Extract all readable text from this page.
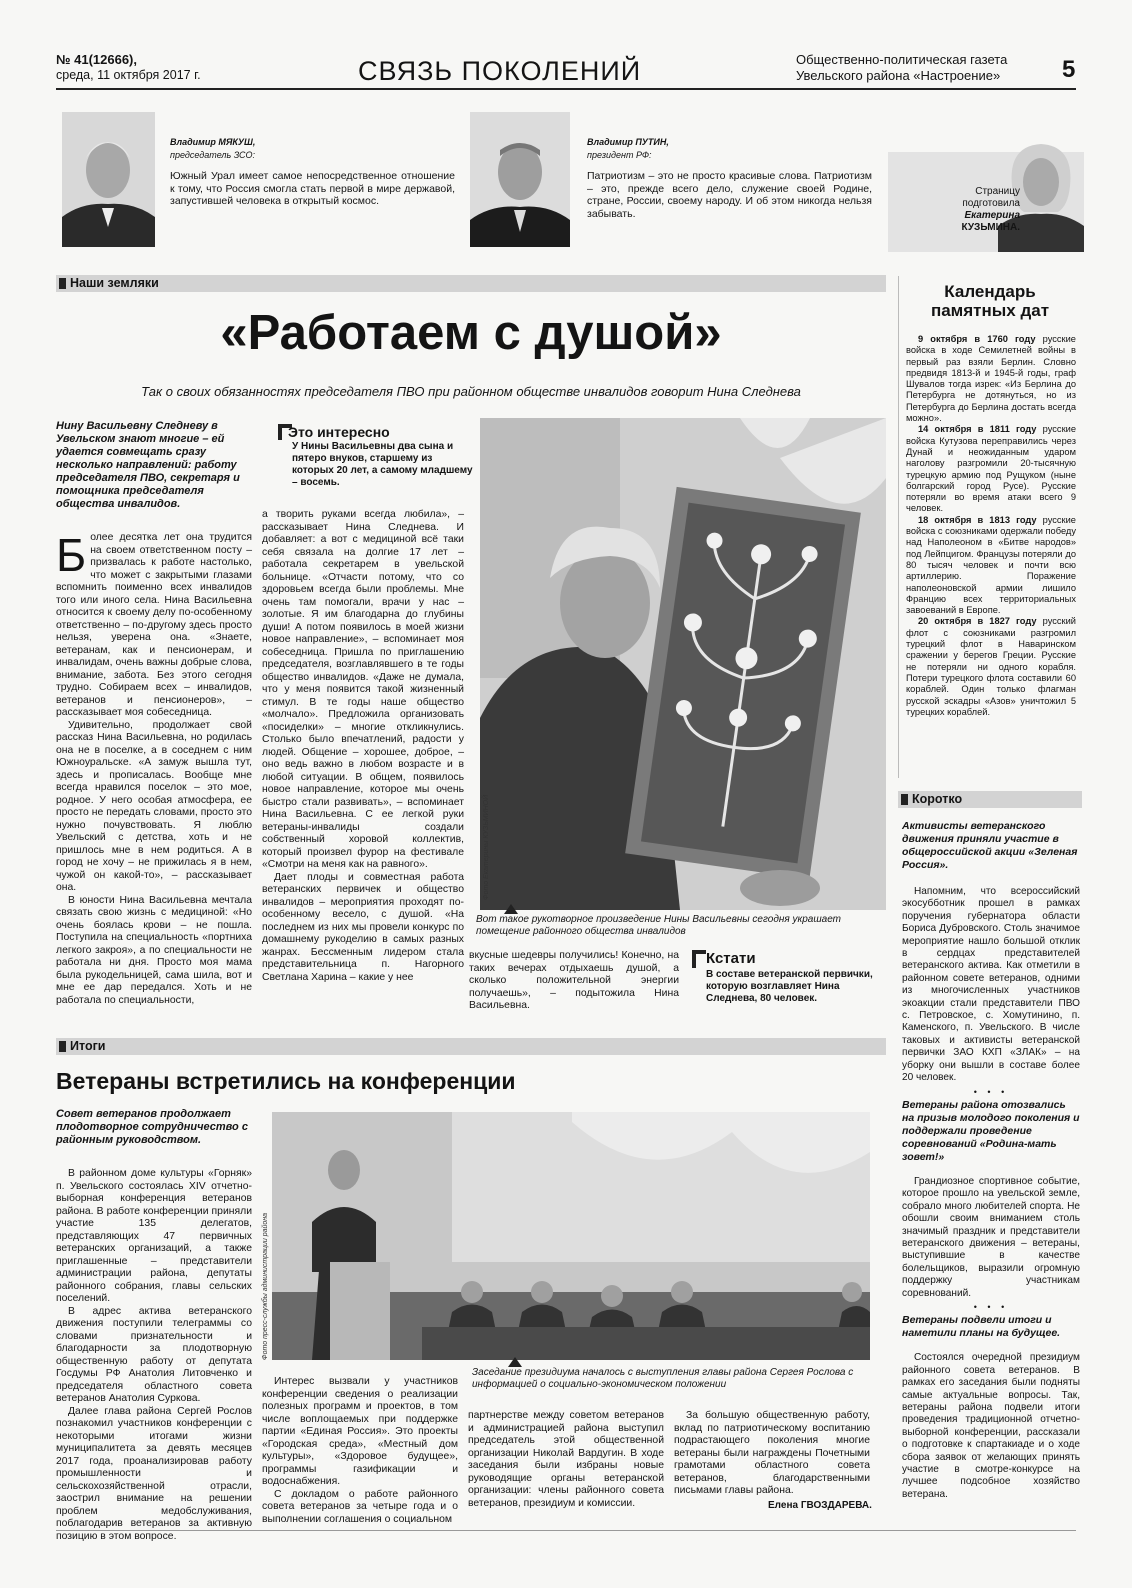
№ 41(12666),
среда, 11 октября 2017 г.	СВЯЗЬ ПОКОЛЕНИЙ	Общественно-политическая газета
Увельского района «Настроение»	5
Владимир МЯКУШ,
председатель ЗСО:
Южный Урал имеет самое непосредственное отношение к тому, что Россия смогла стать первой в мире державой, запустившей человека в открытый космос.
Владимир ПУТИН,
президент РФ:
Патриотизм – это не просто красивые слова. Патриотизм – это, прежде всего дело, служение своей Родине, стране, России, своему народу. И об этом никогда нельзя забывать.
Страницу
подготовила
Екатерина
КУЗЬМИНА.
Наши земляки
«Работаем с душой»
Так о своих обязанностях председателя ПВО при районном обществе инвалидов говорит Нина Следнева
Нину Васильевну Следневу в Увельском знают многие – ей удается совмещать сразу несколько направлений: работу председателя ПВО, секретаря и помощника председателя общества инвалидов.
Б олее десятка лет она трудится на своем ответственном посту – призвалась к работе настолько, что может с закрытыми глазами вспомнить поименно всех инвалидов того или иного села. Нина Васильевна относится к своему делу по-особенному ответственно – по-другому здесь просто нельзя, уверена она. «Знаете, ветеранам, как и пенсионерам, и инвалидам, очень важны добрые слова, внимание, забота. Без этого сегодня трудно. Собираем всех – инвалидов, ветеранов и пенсионеров», – рассказывает моя собеседница.

Удивительно, продолжает свой рассказ Нина Васильевна, но родилась она не в поселке, а в соседнем с ним Южноуральске. «А замуж вышла тут, здесь и прописалась. Вообще мне всегда нравился поселок – это мое, родное. У него особая атмосфера, ее просто не передать словами, просто это нужно почувствовать. Я люблю Увельский с детства, хоть и не пришлось мне в нем родиться. А в город не хочу – не прижилась я в нем, чужой он какой-то», – рассказывает она.

В юности Нина Васильевна мечтала связать свою жизнь с медициной: «Но очень боялась крови – не пошла. Поступила на специальность «портниха легкого закроя», а по специальности не работала ни дня. Просто моя мама была рукодельницей, сама шила, вот и мне ее дар передался. Хоть и не работала по специальности,

Это интересно
У Нины Васильевны два сына и пятеро внуков, старшему из которых 20 лет, а самому младшему – восемь.

а творить руками всегда любила», – рассказывает Нина Следнева. И добавляет: а вот с медициной всё таки себя связала на долгие 17 лет – работала секретарем в увельской больнице. «Отчасти потому, что со здоровьем всегда были проблемы. Мне очень там помогали, врачи у нас – золотые. Я им благодарна до глубины души! А потом появилось в моей жизни новое направление», – вспоминает моя собеседница. Пришла по приглашению председателя, возглавлявшего в те годы общество инвалидов. «Даже не думала, что у меня появится такой жизненный стимул. В те годы наше общество «молчало». Предложила организовать «посиделки» – многие откликнулись. Столько было впечатлений, радости у людей. Общение – хорошее, доброе, – оно ведь важно в любом возрасте и в любой ситуации. В общем, появилось новое направление, которое мы очень быстро стали развивать», – вспоминает Нина Васильевна. С ее легкой руки ветераны-инвалиды создали собственный хоровой коллектив, который произвел фурор на фестивале «Смотри на меня как на равного».

Дает плоды и совместная работа ветеранских первичек и общество инвалидов – мероприятия проходят по-особенному весело, с душой. «На последнем из них мы провели конкурс по домашнему рукоделию в самых разных жанрах. Бессменным лидером стала представительница п. Нагорного Светлана Харина – какие у нее

Фото Екатерины КУЗЬМИНОЙ
Вот такое рукотворное произведение Нины Васильевны сегодня украшает помещение районного общества инвалидов

вкусные шедевры получились! Конечно, на таких вечерах отдыхаешь душой, а сколько положительной энергии получаешь», – подытожила Нина Васильевна.

Кстати
В составе ветеранской первички, которую возглавляет Нина Следнева, 80 человек.
Календарь
памятных дат

9 октября в 1760 году русские войска в ходе Семилетней войны в первый раз взяли Берлин. Словно предвидя 1813-й и 1945-й годы, граф Шувалов тогда изрек: «Из Берлина до Петербурга не дотянуться, но из Петербурга до Берлина достать всегда можно».

14 октября в 1811 году русские войска Кутузова переправились через Дунай и неожиданным ударом наголову разгромили 20-тысячную турецкую армию под Рущуком (ныне болгарский город Русе). Русские потеряли во время атаки всего 9 человек.

18 октября в 1813 году русские войска с союзниками одержали победу над Наполеоном в «Битве народов» под Лейпцигом. Французы потеряли до 80 тысяч человек и почти всю артиллерию. Поражение наполеоновской армии лишило Францию всех территориальных завоеваний в Европе.

20 октября в 1827 году русский флот с союзниками разгромил турецкий флот в Наваринском сражении у берегов Греции. Русские не потеряли ни одного корабля. Потери турецкого флота составили 60 кораблей. Один только флагман русской эскадры «Азов» уничтожил 5 турецких кораблей.

Коротко
Активисты ветеранского движения приняли участие в общероссийской акции «Зеленая Россия».

Напомним, что всероссийский экосубботник прошел в рамках поручения губернатора области Бориса Дубровского. Столь значимое мероприятие нашло большой отклик в сердцах представителей ветеранского актива. Как отметили в районном совете ветеранов, одними из многочисленных участников экоакции стали представители ПВО с. Петровское, с. Хомутинино, п. Каменского, п. Увельского. В числе таковых и активисты ветеранской первички ЗАО КХП «ЗЛАК» – на уборку они вышли в составе более 20 человек.

• • •
Ветераны района отозвались на призыв молодого поколения и поддержали проведение соревнований «Родина-мать зовет!»

Грандиозное спортивное событие, которое прошло на увельской земле, собрало много любителей спорта. Не обошли своим вниманием столь значимый праздник и представители ветеранского движения – ветераны, выступившие в качестве болельщиков, выразили огромную поддержку участникам соревнований.

• • •
Ветераны подвели итоги и наметили планы на будущее.

Состоялся очередной президиум районного совета ветеранов. В рамках его заседания были подняты самые актуальные вопросы. Так, ветераны района подвели итоги проведения традиционной отчетно-выборной конференции, рассказали о подготовке к спартакиаде и о ходе сбора заявок от желающих принять участие в смотре-конкурсе на лучшее подсобное хозяйство ветерана.

Итоги
Ветераны встретились на конференции
Совет ветеранов продолжает плодотворное сотрудничество с районным руководством.

В районном доме культуры «Горняк» п. Увельского состоялась XIV отчетно-выборная конференция ветеранов района. В работе конференции приняли участие 135 делегатов, представляющих 47 первичных ветеранских организаций, а также приглашенные – представители администрации района, депутаты районного собрания, главы сельских поселений.

В адрес актива ветеранского движения поступили телеграммы со словами признательности и благодарности за плодотворную общественную работу от депутата Госдумы РФ Анатолия Литовченко и председателя областного совета ветеранов Анатолия Суркова.

Далее глава района Сергей Рослов познакомил участников конференции с некоторыми итогами жизни муниципалитета за девять месяцев 2017 года, проанализировав работу промышленности и сельскохозяйственной отрасли, заострил внимание на решении проблем медобслуживания, поблагодарив ветеранов за активную позицию в этом вопросе.

Фото пресс-службы администрации района
Заседание президиума началось с выступления главы района Сергея Рослова с информацией о социально-экономическом положении

Интерес вызвали у участников конференции сведения о реализации полезных программ и проектов, в том числе воплощаемых при поддержке партии «Единая Россия». Это проекты «Городская среда», «Местный дом культуры», «Здоровое будущее», программы газификации и водоснабжения.

С докладом о работе районного совета ветеранов за четыре года и о выполнении соглашения о социальном

партнерстве между советом ветеранов и администрацией района выступил председатель этой общественной организации Николай Вардугин. В ходе заседания были избраны новые руководящие органы ветеранской организации: члены районного совета ветеранов, президиум и комиссии.

За большую общественную работу, вклад по патриотическому воспитанию подрастающего поколения многие ветераны были награждены Почетными грамотами областного совета ветеранов, благодарственными письмами главы района.

Елена ГВОЗДАРЕВА.
